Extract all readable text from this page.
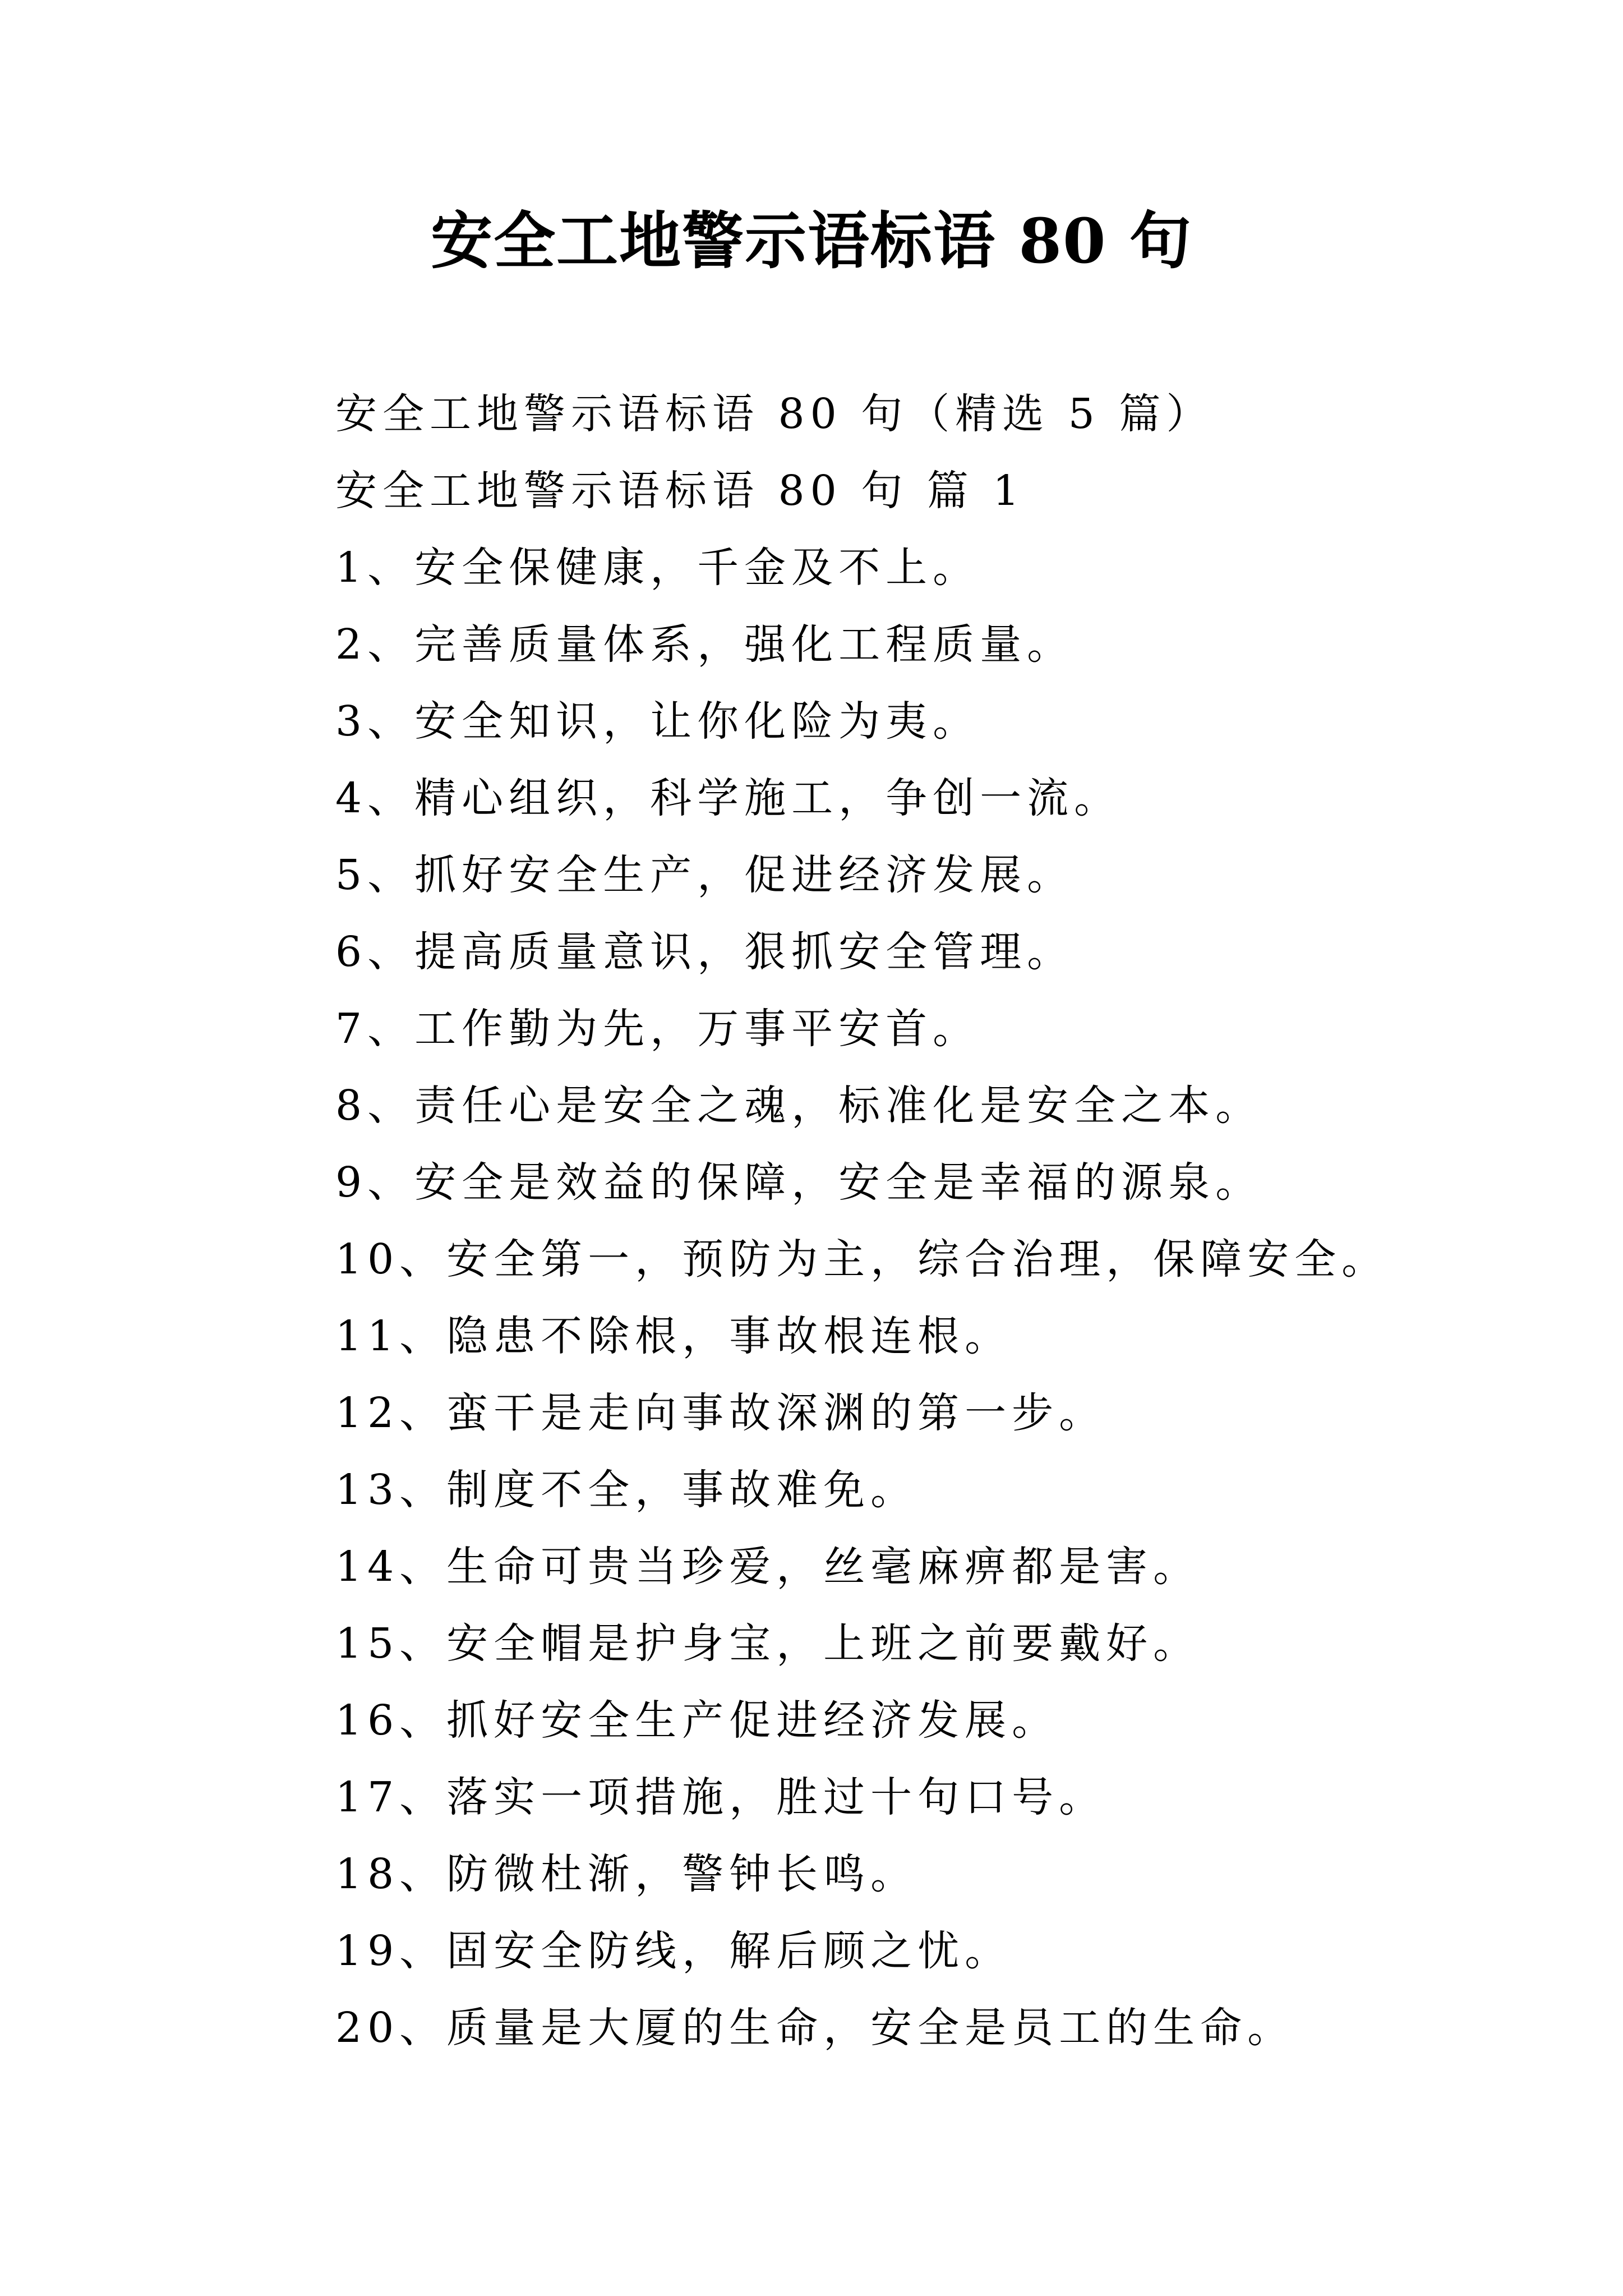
安全工地警示语标语 80 句
安全工地警示语标语 80 句（精选 5 篇）
安全工地警示语标语 80 句 篇 1
1、安全保健康，千金及不上。
2、完善质量体系，强化工程质量。
3、安全知识，让你化险为夷。
4、精心组织，科学施工，争创一流。
5、抓好安全生产，促进经济发展。
6、提高质量意识，狠抓安全管理。
7、工作勤为先，万事平安首。
8、责任心是安全之魂，标准化是安全之本。
9、安全是效益的保障，安全是幸福的源泉。
10、安全第一，预防为主，综合治理，保障安全。
11、隐患不除根，事故根连根。
12、蛮干是走向事故深渊的第一步。
13、制度不全，事故难免。
14、生命可贵当珍爱，丝毫麻痹都是害。
15、安全帽是护身宝，上班之前要戴好。
16、抓好安全生产促进经济发展。
17、落实一项措施，胜过十句口号。
18、防微杜渐，警钟长鸣。
19、固安全防线，解后顾之忧。
20、质量是大厦的生命，安全是员工的生命。
